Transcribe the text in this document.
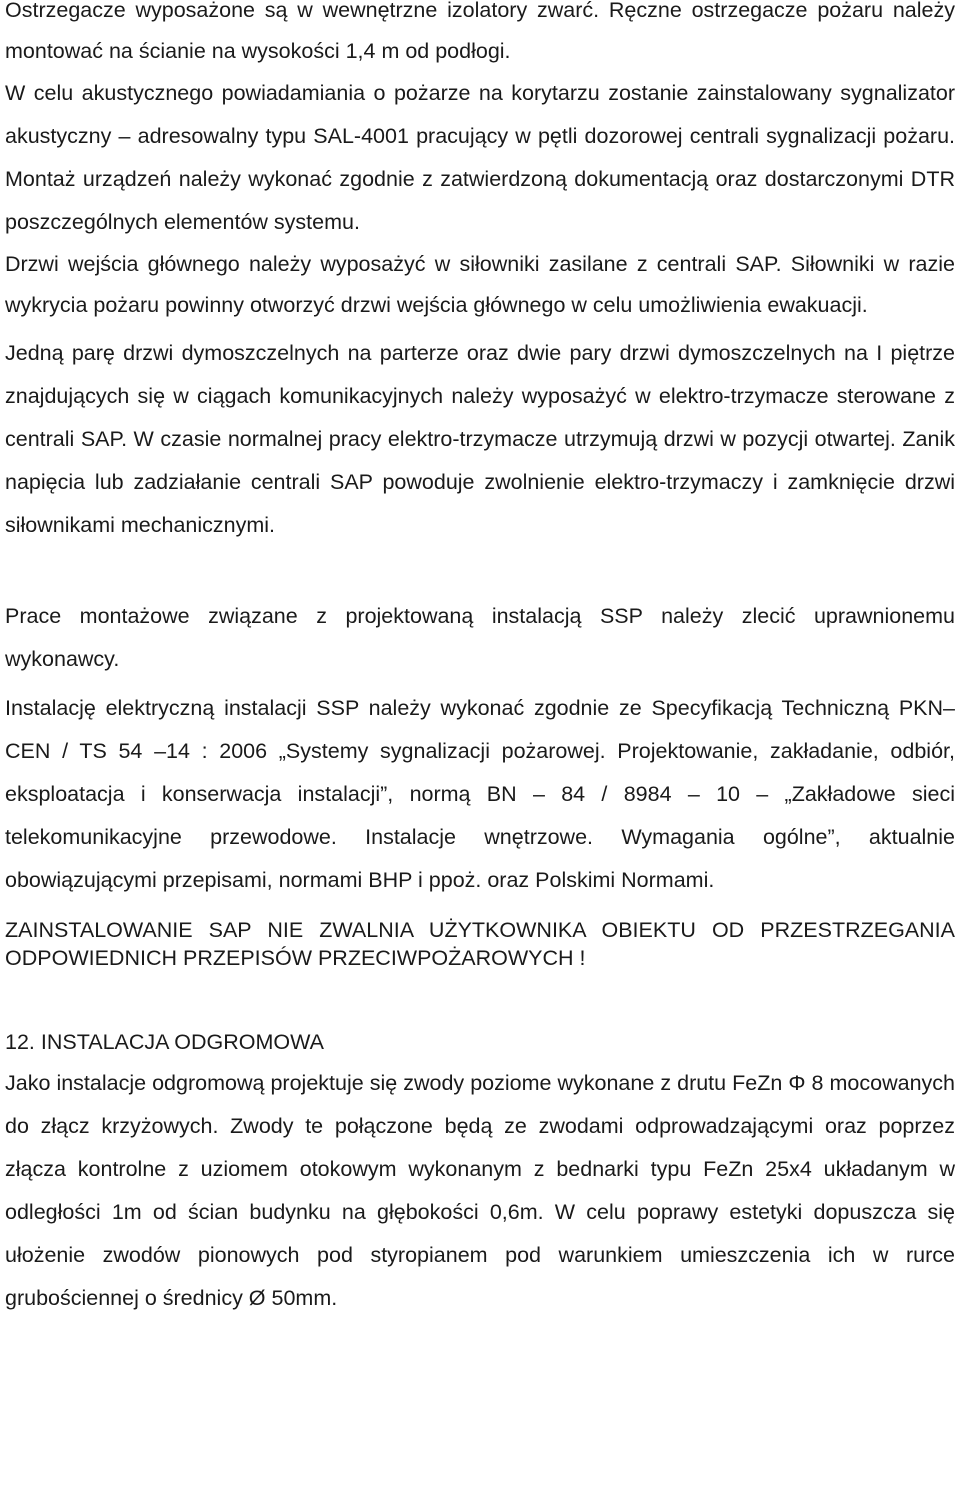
Ostrzegacze wyposażone są w wewnętrzne izolatory zwarć. Ręczne ostrzegacze pożaru należy montować na ścianie na wysokości 1,4 m od podłogi.

W celu akustycznego powiadamiania o pożarze na korytarzu zostanie zainstalowany sygnalizator akustyczny – adresowalny typu SAL-4001 pracujący w pętli dozorowej centrali sygnalizacji pożaru. Montaż urządzeń należy wykonać zgodnie z zatwierdzoną dokumentacją oraz dostarczonymi DTR poszczególnych elementów systemu.

Drzwi wejścia głównego należy wyposażyć w siłowniki zasilane z centrali SAP. Siłowniki w razie wykrycia pożaru powinny otworzyć drzwi wejścia głównego w celu umożliwienia ewakuacji.

Jedną parę drzwi dymoszczelnych na parterze oraz dwie pary drzwi dymoszczelnych na I piętrze znajdujących się w ciągach komunikacyjnych należy wyposażyć w elektro-trzymacze sterowane z centrali SAP. W czasie normalnej pracy elektro-trzymacze utrzymują drzwi w pozycji otwartej. Zanik napięcia lub zadziałanie centrali SAP powoduje zwolnienie elektro-trzymaczy i zamknięcie drzwi siłownikami mechanicznymi.

Prace montażowe związane z projektowaną instalacją SSP należy zlecić uprawnionemu wykonawcy.

Instalację elektryczną instalacji SSP należy wykonać zgodnie ze Specyfikacją Techniczną PKN– CEN / TS 54 –14 : 2006 „Systemy sygnalizacji pożarowej. Projektowanie, zakładanie, odbiór, eksploatacja i konserwacja instalacji”, normą BN – 84 / 8984 – 10 – „Zakładowe sieci telekomunikacyjne przewodowe. Instalacje wnętrzowe. Wymagania ogólne”, aktualnie obowiązującymi przepisami, normami BHP i ppoż. oraz Polskimi Normami.

ZAINSTALOWANIE SAP NIE ZWALNIA UŻYTKOWNIKA OBIEKTU OD PRZESTRZEGANIA ODPOWIEDNICH PRZEPISÓW PRZECIWPOŻAROWYCH !

12. INSTALACJA ODGROMOWA

Jako instalacje odgromową projektuje się zwody poziome wykonane z drutu FeZn Φ 8 mocowanych do złącz krzyżowych. Zwody te połączone będą ze zwodami odprowadzającymi oraz poprzez złącza kontrolne z uziomem otokowym wykonanym z bednarki typu FeZn 25x4 układanym w odległości 1m od ścian budynku na głębokości 0,6m. W celu poprawy estetyki dopuszcza się ułożenie zwodów pionowych pod styropianem pod warunkiem umieszczenia ich w rurce grubościennej o średnicy Ø 50mm.
